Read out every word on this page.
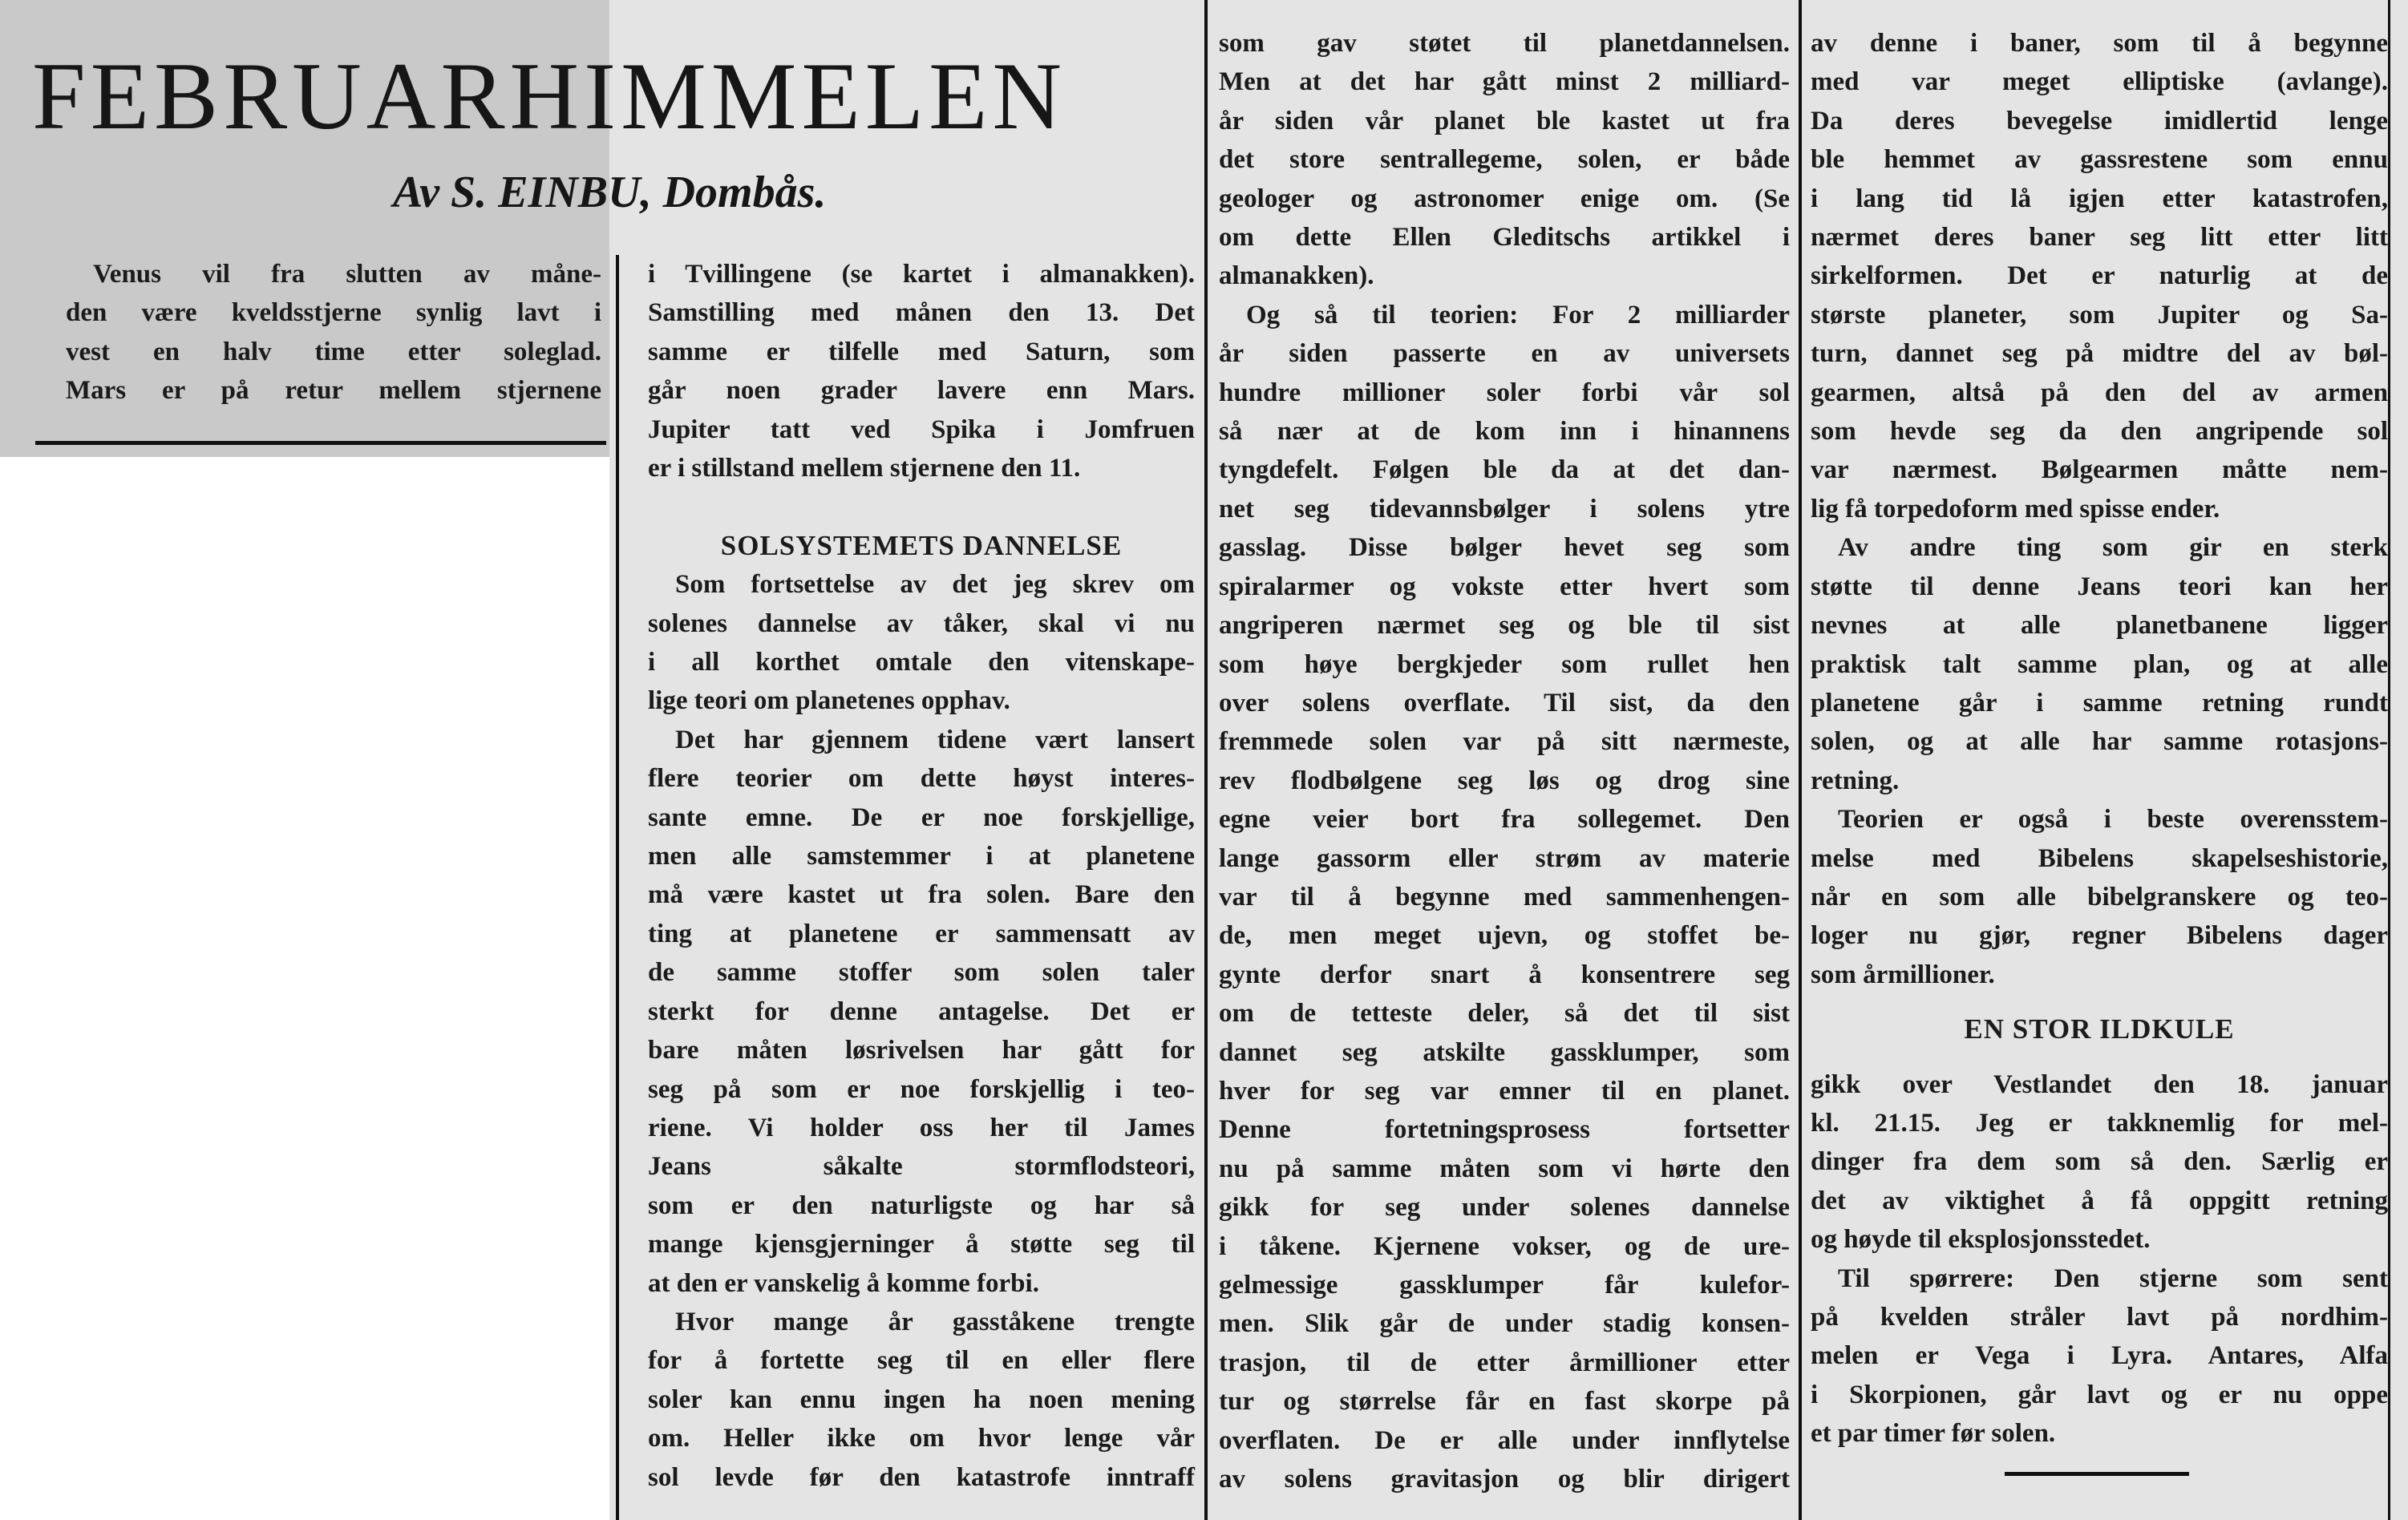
FEBRUARHIMMELEN
Av S. EINBU, Dombås.
Venus vil fra slutten av måne-
den være kveldsstjerne synlig lavt i
vest en halv time etter soleglad.
Mars er på retur mellem stjernene
i Tvillingene (se kartet i almanakken).
Samstilling med månen den 13. Det
samme er tilfelle med Saturn, som
går noen grader lavere enn Mars.
Jupiter tatt ved Spika i Jomfruen
er i stillstand mellem stjernene den 11.
SOLSYSTEMETS DANNELSE
Som fortsettelse av det jeg skrev om
solenes dannelse av tåker, skal vi nu
i all korthet omtale den vitenskape-
lige teori om planetenes opphav.
Det har gjennem tidene vært lansert
flere teorier om dette høyst interes-
sante emne. De er noe forskjellige,
men alle samstemmer i at planetene
må være kastet ut fra solen. Bare den
ting at planetene er sammensatt av
de samme stoffer som solen taler
sterkt for denne antagelse. Det er
bare måten løsrivelsen har gått for
seg på som er noe forskjellig i teo-
riene. Vi holder oss her til James
Jeans såkalte stormflodsteori,
som er den naturligste og har så
mange kjensgjerninger å støtte seg til
at den er vanskelig å komme forbi.
Hvor mange år gasståkene trengte
for å fortette seg til en eller flere
soler kan ennu ingen ha noen mening
om. Heller ikke om hvor lenge vår
sol levde før den katastrofe inntraff
som gav støtet til planetdannelsen.
Men at det har gått minst 2 milliard-
år siden vår planet ble kastet ut fra
det store sentrallegeme, solen, er både
geologer og astronomer enige om. (Se
om dette Ellen Gleditschs artikkel i
almanakken).
Og så til teorien: For 2 milliarder
år siden passerte en av universets
hundre millioner soler forbi vår sol
så nær at de kom inn i hinannens
tyngdefelt. Følgen ble da at det dan-
net seg tidevannsbølger i solens ytre
gasslag. Disse bølger hevet seg som
spiralarmer og vokste etter hvert som
angriperen nærmet seg og ble til sist
som høye bergkjeder som rullet hen
over solens overflate. Til sist, da den
fremmede solen var på sitt nærmeste,
rev flodbølgene seg løs og drog sine
egne veier bort fra sollegemet. Den
lange gassorm eller strøm av materie
var til å begynne med sammenhengen-
de, men meget ujevn, og stoffet be-
gynte derfor snart å konsentrere seg
om de tetteste deler, så det til sist
dannet seg atskilte gassklumper, som
hver for seg var emner til en planet.
Denne fortetningsprosess fortsetter
nu på samme måten som vi hørte den
gikk for seg under solenes dannelse
i tåkene. Kjernene vokser, og de ure-
gelmessige gassklumper får kulefor-
men. Slik går de under stadig konsen-
trasjon, til de etter årmillioner etter
tur og størrelse får en fast skorpe på
overflaten. De er alle under innflytelse
av solens gravitasjon og blir dirigert
av denne i baner, som til å begynne
med var meget elliptiske (avlange).
Da deres bevegelse imidlertid lenge
ble hemmet av gassrestene som ennu
i lang tid lå igjen etter katastrofen,
nærmet deres baner seg litt etter litt
sirkelformen. Det er naturlig at de
største planeter, som Jupiter og Sa-
turn, dannet seg på midtre del av bøl-
gearmen, altså på den del av armen
som hevde seg da den angripende sol
var nærmest. Bølgearmen måtte nem-
lig få torpedoform med spisse ender.
Av andre ting som gir en sterk
støtte til denne Jeans teori kan her
nevnes at alle planetbanene ligger
praktisk talt samme plan, og at alle
planetene går i samme retning rundt
solen, og at alle har samme rotasjons-
retning.
Teorien er også i beste overensstem-
melse med Bibelens skapelseshistorie,
når en som alle bibelgranskere og teo-
loger nu gjør, regner Bibelens dager
som årmillioner.
EN STOR ILDKULE
gikk over Vestlandet den 18. januar
kl. 21.15. Jeg er takknemlig for mel-
dinger fra dem som så den. Særlig er
det av viktighet å få oppgitt retning
og høyde til eksplosjonsstedet.
Til spørrere: Den stjerne som sent
på kvelden stråler lavt på nordhim-
melen er Vega i Lyra. Antares, Alfa
i Skorpionen, går lavt og er nu oppe
et par timer før solen.
